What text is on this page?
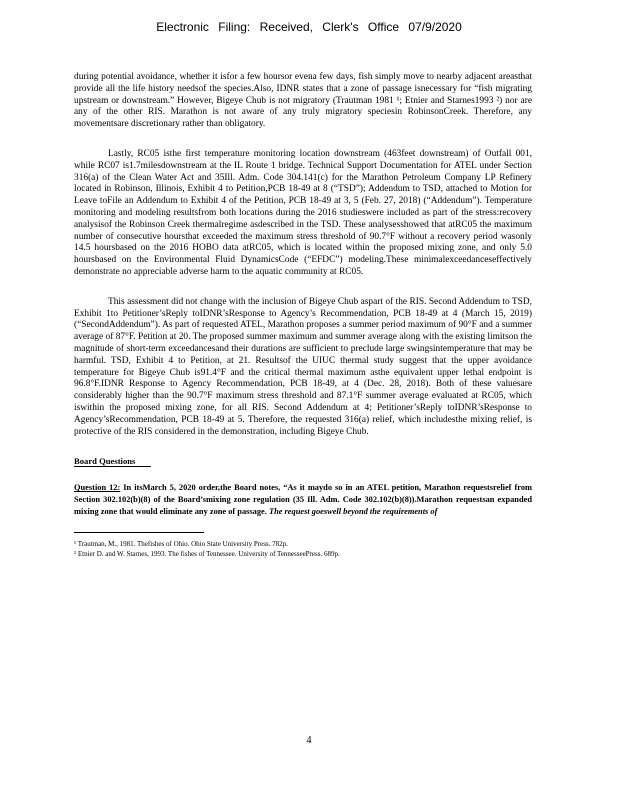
Electronic Filing: Received, Clerk's Office 07/9/2020

during potential avoidance, whether it isfor a few hoursor evena few days, fish simply move to nearby adjacent areasthat provide all the life history needsof the species.Also, IDNR states that a zone of passage isnecessary for “fish migrating upstream or downstream.” However, Bigeye Chub is not migratory (Trautman 1981 ¹; Etnier and Starnes1993 ²) nor are any of the other RIS. Marathon is not aware of any truly migratory speciesin RobinsonCreek. Therefore, any movementsare discretionary rather than obligatory.

Lastly, RC05 isthe first temperature monitoring location downstream (463feet downstream) of Outfall 001, while RC07 is1.7milesdownstream at the IL Route 1 bridge. Technical Support Documentation for ATEL under Section 316(a) of the Clean Water Act and 35Ill. Adm. Code 304.141(c) for the Marathon Petroleum Company LP Refinery located in Robinson, Illinois, Exhibit 4 to Petition,PCB 18-49 at 8 (“TSD”); Addendum to TSD, attached to Motion for Leave toFile an Addendum to Exhibit 4 of the Petition, PCB 18-49 at 3, 5 (Feb. 27, 2018) (“Addendum”). Temperature monitoring and modeling resultsfrom both locations during the 2016 studieswere included as part of the stress:recovery analysisof the Robinson Creek thermalregime asdescribed in the TSD. These analysesshowed that atRC05 the maximum number of consecutive hoursthat exceeded the maximum stress threshold of 90.7°F without a recovery period wasonly 14.5 hoursbased on the 2016 HOBO data atRC05, which is located within the proposed mixing zone, and only 5.0 hoursbased on the Environmental Fluid DynamicsCode (“EFDC”) modeling.These minimalexceedanceseffectively demonstrate no appreciable adverse harm to the aquatic community at RC05.

This assessment did not change with the inclusion of Bigeye Chub aspart of the RIS. Second Addendum to TSD, Exhibit 1to Petitioner’sReply toIDNR’sResponse to Agency’s Recommendation, PCB 18-49 at 4 (March 15, 2019) (“SecondAddendum”). As part of requested ATEL, Marathon proposes a summer period maximum of 90°F and a summer average of 87°F. Petition at 20. The proposed summer maximum and summer average along with the existing limitson the magnitude of short-term exceedancesand their durations are sufficient to preclude large swingsintemperature that may be harmful. TSD, Exhibit 4 to Petition, at 21. Resultsof the UIUC thermal study suggest that the upper avoidance temperature for Bigeye Chub is91.4°F and the critical thermal maximum asthe equivalent upper lethal endpoint is 96.8°F.IDNR Response to Agency Recommendation, PCB 18-49, at 4 (Dec. 28, 2018). Both of these valuesare considerably higher than the 90.7°F maximum stress threshold and 87.1°F summer average evaluated at RC05, which iswithin the proposed mixing zone, for all RIS. Second Addendum at 4; Petitioner’sReply toIDNR’sResponse to Agency’sRecommendation, PCB 18-49 at 5. Therefore, the requested 316(a) relief, which includesthe mixing relief, is protective of the RIS considered in the demonstration, including Bigeye Chub.

Board Questions

Question 12: In itsMarch 5, 2020 order,the Board notes, “As it maydo so in an ATEL petition, Marathon requestsrelief from Section 302.102(b)(8) of the Board’smixing zone regulation (35 Ill. Adm. Code 302.102(b)(8)).Marathon requestsan expanded mixing zone that would eliminate any zone of passage. The request goeswell beyond the requirements of

¹ Trautman, M., 1981. Thefishes of Ohio. Ohio State University Press. 782p.

² Etnier D. and W. Starnes, 1993. The fishes of Tennessee. University of TennesseePress. 689p.

4
